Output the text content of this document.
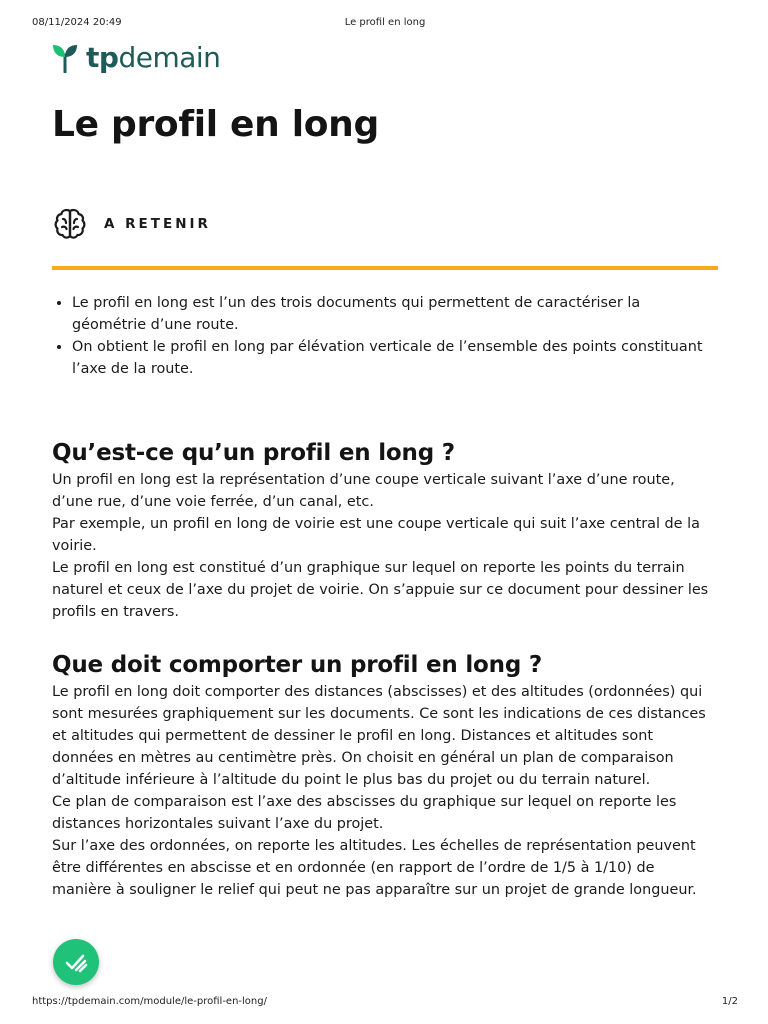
08/11/2024 20:49	Le profil en long
tpdemain
Le profil en long
A RETENIR
• Le profil en long est l’un des trois documents qui permettent de caractériser la géométrie d’une route.
• On obtient le profil en long par élévation verticale de l’ensemble des points constituant l’axe de la route.
Qu’est-ce qu’un profil en long ?

Un profil en long est la représentation d’une coupe verticale suivant l’axe d’une route, d’une rue, d’une voie ferrée, d’un canal, etc.
Par exemple, un profil en long de voirie est une coupe verticale qui suit l’axe central de la voirie.
Le profil en long est constitué d’un graphique sur lequel on reporte les points du terrain naturel et ceux de l’axe du projet de voirie. On s’appuie sur ce document pour dessiner les profils en travers.

Que doit comporter un profil en long ?

Le profil en long doit comporter des distances (abscisses) et des altitudes (ordonnées) qui sont mesurées graphiquement sur les documents. Ce sont les indications de ces distances et altitudes qui permettent de dessiner le profil en long. Distances et altitudes sont données en mètres au centimètre près. On choisit en général un plan de comparaison d’altitude inférieure à l’altitude du point le plus bas du projet ou du terrain naturel.
Ce plan de comparaison est l’axe des abscisses du graphique sur lequel on reporte les distances horizontales suivant l’axe du projet.
Sur l’axe des ordonnées, on reporte les altitudes. Les échelles de représentation peuvent être différentes en abscisse et en ordonnée (en rapport de l’ordre de 1/5 à 1/10) de manière à souligner le relief qui peut ne pas apparaître sur un projet de grande longueur.

https://tpdemain.com/module/le-profil-en-long/	1/2
